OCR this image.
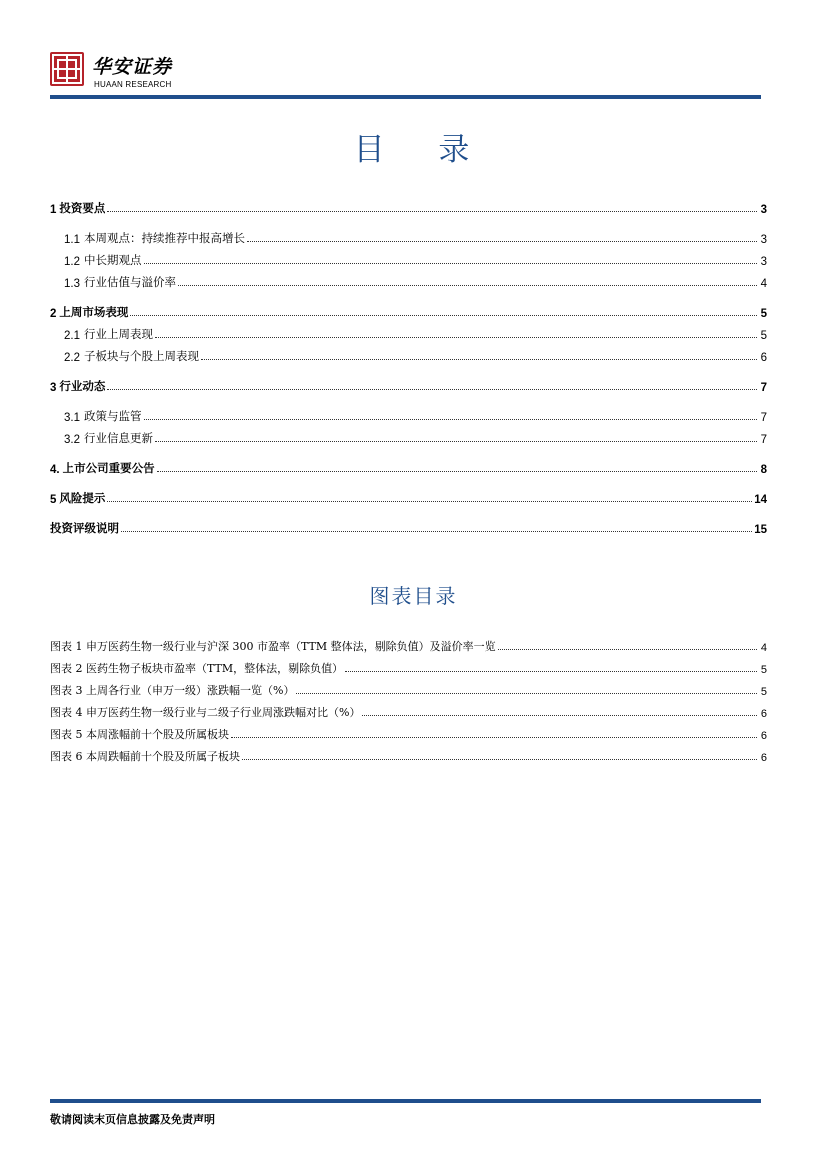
华安证券
HUAAN RESEARCH
目 录
1 投资要点	3
1.1 本周观点：持续推荐中报高增长	3
1.2 中长期观点	3
1.3 行业估值与溢价率	4
2 上周市场表现	5
2.1 行业上周表现	5
2.2 子板块与个股上周表现	6
3 行业动态	7
3.1 政策与监管	7
3.2 行业信息更新	7
4. 上市公司重要公告	8
5 风险提示	14
投资评级说明	15
图表目录
图表 1 申万医药生物一级行业与沪深 300 市盈率（TTM 整体法，剔除负值）及溢价率一览	4
图表 2 医药生物子板块市盈率（TTM，整体法，剔除负值）	5
图表 3 上周各行业（申万一级）涨跌幅一览（%）	5
图表 4 申万医药生物一级行业与二级子行业周涨跌幅对比（%）	6
图表 5 本周涨幅前十个股及所属板块	6
图表 6 本周跌幅前十个股及所属子板块	6
敬请阅读末页信息披露及免责声明
